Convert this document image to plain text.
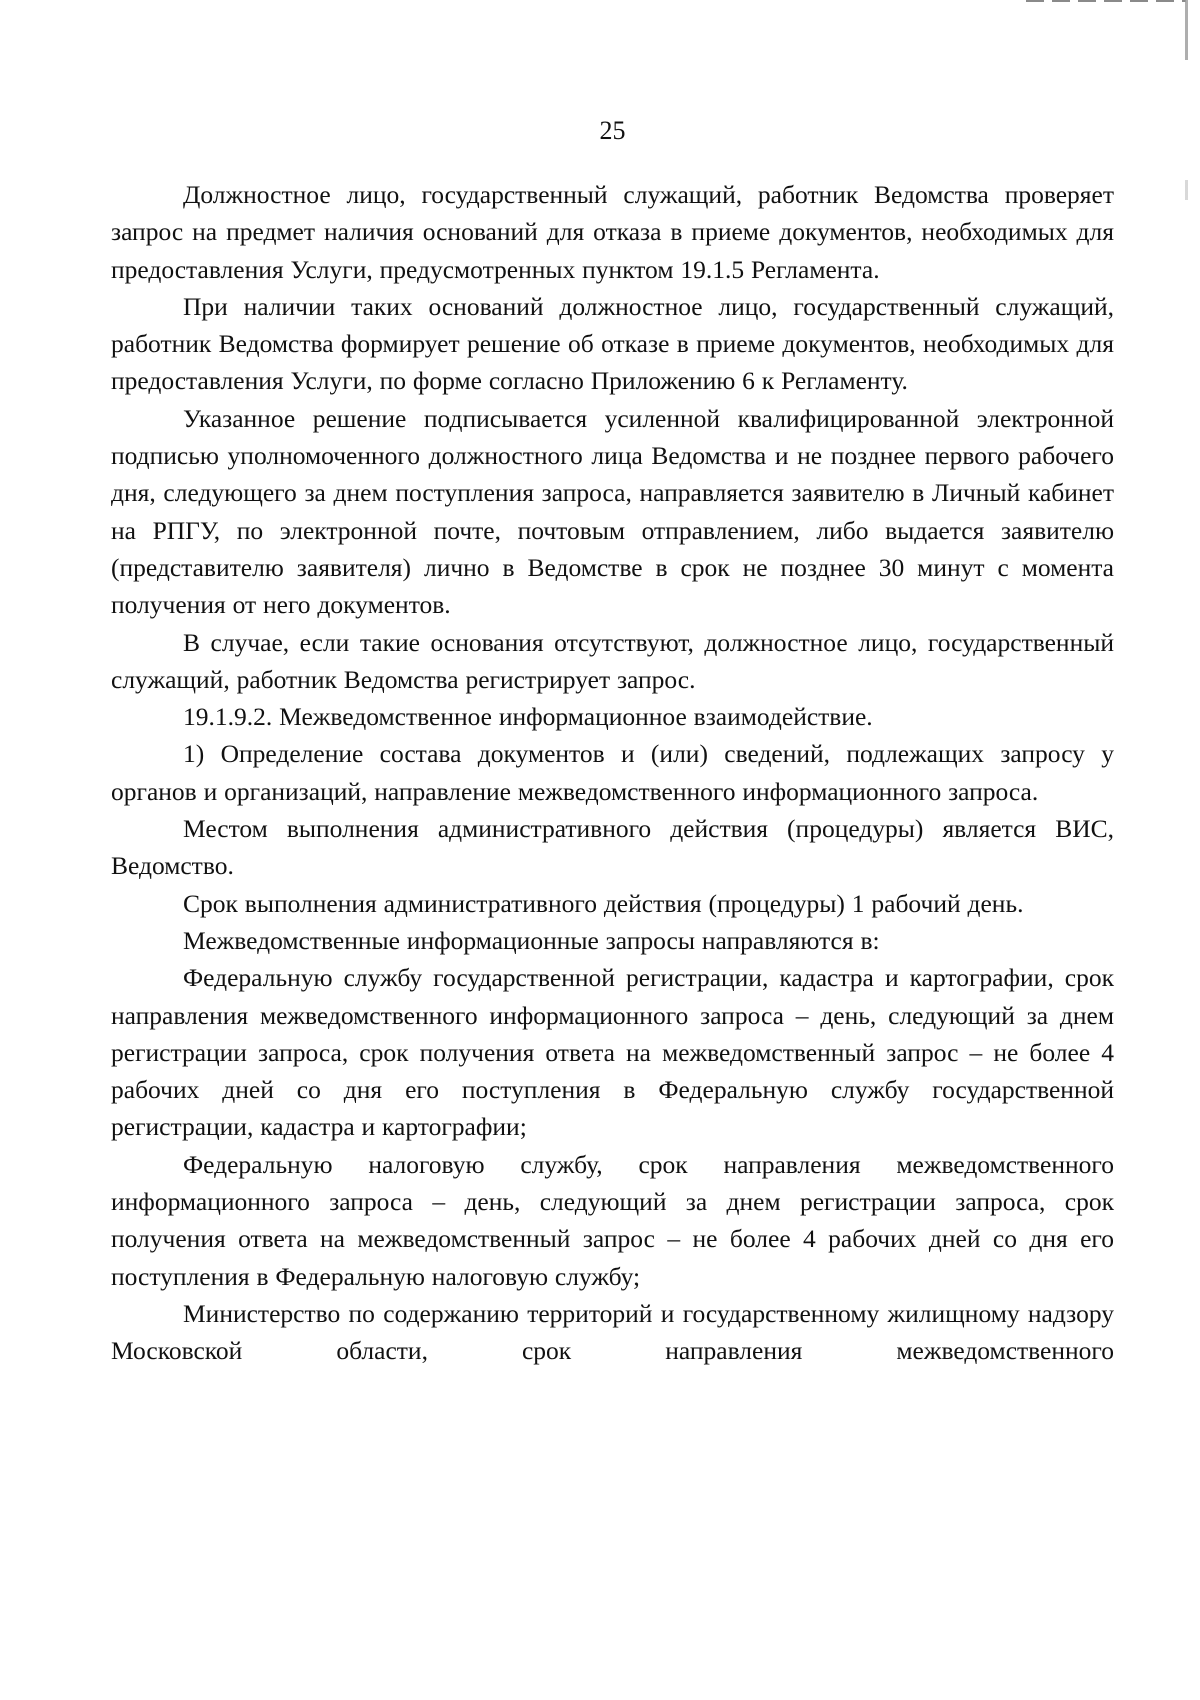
25

Должностное лицо, государственный служащий, работник Ведомства проверяет запрос на предмет наличия оснований для отказа в приеме документов, необходимых для предоставления Услуги, предусмотренных пунктом 19.1.5 Регламента.

При наличии таких оснований должностное лицо, государственный служащий, работник Ведомства формирует решение об отказе в приеме документов, необходимых для предоставления Услуги, по форме согласно Приложению 6 к Регламенту.

Указанное решение подписывается усиленной квалифицированной электронной подписью уполномоченного должностного лица Ведомства и не позднее первого рабочего дня, следующего за днем поступления запроса, направляется заявителю в Личный кабинет на РПГУ, по электронной почте, почтовым отправлением, либо выдается заявителю (представителю заявителя) лично в Ведомстве в срок не позднее 30 минут с момента получения от него документов.

В случае, если такие основания отсутствуют, должностное лицо, государственный служащий, работник Ведомства регистрирует запрос.

19.1.9.2. Межведомственное информационное взаимодействие.

1) Определение состава документов и (или) сведений, подлежащих запросу у органов и организаций, направление межведомственного информационного запроса.

Местом выполнения административного действия (процедуры) является ВИС, Ведомство.

Срок выполнения административного действия (процедуры) 1 рабочий день.

Межведомственные информационные запросы направляются в:

Федеральную службу государственной регистрации, кадастра и картографии, срок направления межведомственного информационного запроса – день, следующий за днем регистрации запроса, срок получения ответа на межведомственный запрос – не более 4 рабочих дней со дня его поступления в Федеральную службу государственной регистрации, кадастра и картографии;

Федеральную налоговую службу, срок направления межведомственного информационного запроса – день, следующий за днем регистрации запроса, срок получения ответа на межведомственный запрос – не более 4 рабочих дней со дня его поступления в Федеральную налоговую службу;

Министерство по содержанию территорий и государственному жилищному надзору Московской области, срок направления межведомственного
